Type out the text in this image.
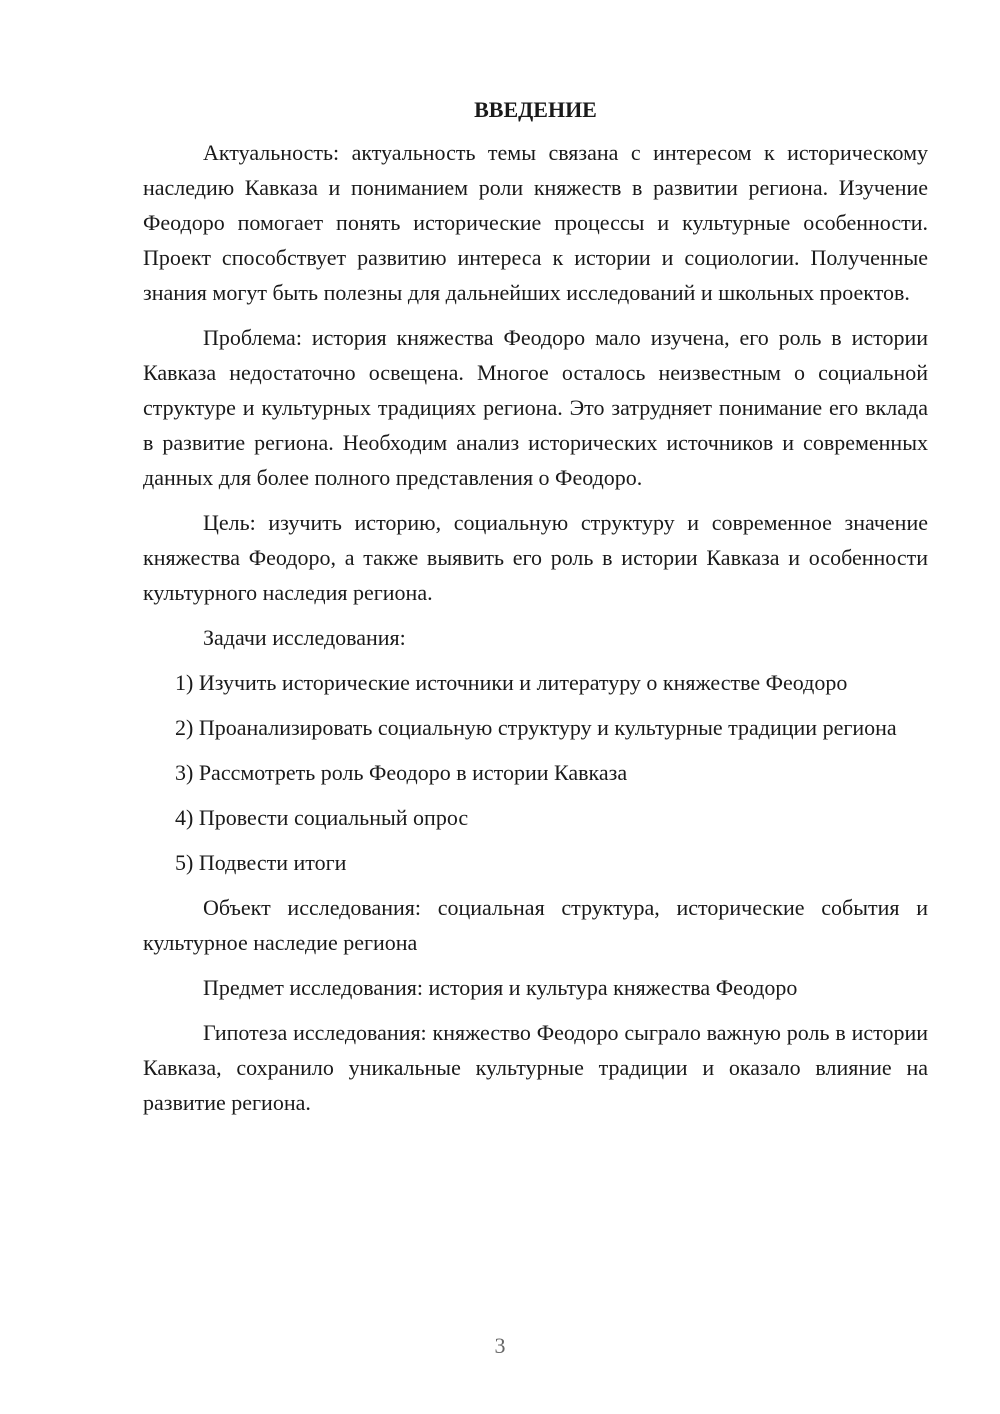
ВВЕДЕНИЕ

Актуальность: актуальность темы связана с интересом к историческому наследию Кавказа и пониманием роли княжеств в развитии региона. Изучение Феодоро помогает понять исторические процессы и культурные особенности. Проект способствует развитию интереса к истории и социологии. Полученные знания могут быть полезны для дальнейших исследований и школьных проектов.

Проблема: история княжества Феодоро мало изучена, его роль в истории Кавказа недостаточно освещена. Многое осталось неизвестным о социальной структуре и культурных традициях региона. Это затрудняет понимание его вклада в развитие региона. Необходим анализ исторических источников и современных данных для более полного представления о Феодоро.

Цель: изучить историю, социальную структуру и современное значение княжества Феодоро, а также выявить его роль в истории Кавказа и особенности культурного наследия региона.

Задачи исследования:

1) Изучить исторические источники и литературу о княжестве Феодоро

2) Проанализировать социальную структуру и культурные традиции региона

3) Рассмотреть роль Феодоро в истории Кавказа

4) Провести социальный опрос

5) Подвести итоги

Объект исследования: социальная структура, исторические события и культурное наследие региона

Предмет исследования: история и культура княжества Феодоро

Гипотеза исследования: княжество Феодоро сыграло важную роль в истории Кавказа, сохранило уникальные культурные традиции и оказало влияние на развитие региона.

3
